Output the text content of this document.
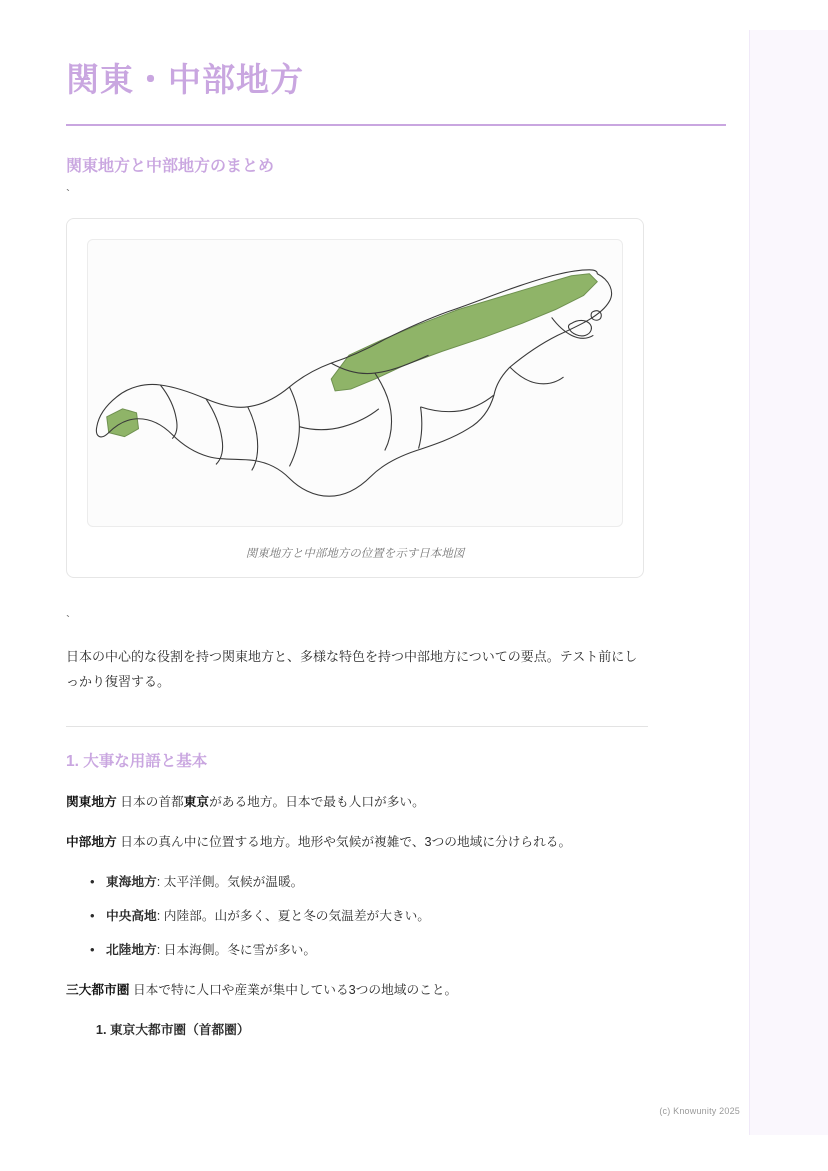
関東・中部地方
関東地方と中部地方のまとめ
`
関東地方と中部地方の位置を示す日本地図
`

日本の中心的な役割を持つ関東地方と、多様な特色を持つ中部地方についての要点。テスト前にしっかり復習する。

1. 大事な用語と基本

関東地方 日本の首都東京がある地方。日本で最も人口が多い。

中部地方 日本の真ん中に位置する地方。地形や気候が複雑で、3つの地域に分けられる。

• 東海地方: 太平洋側。気候が温暖。
• 中央高地: 内陸部。山が多く、夏と冬の気温差が大きい。
• 北陸地方: 日本海側。冬に雪が多い。

三大都市圏 日本で特に人口や産業が集中している3つの地域のこと。

1. 東京大都市圏（首都圏）
(c) Knowunity 2025
